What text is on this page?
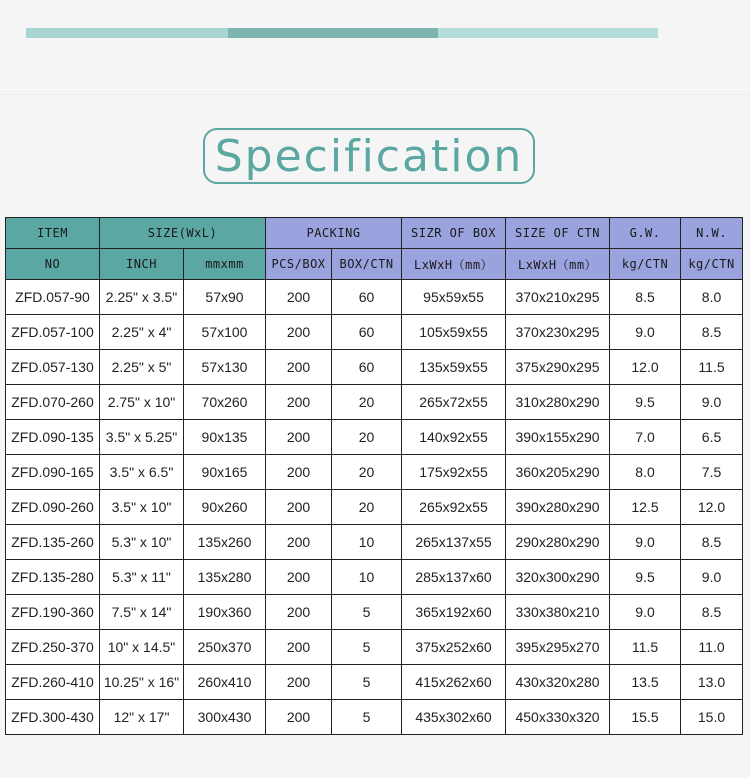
Specification
ITEM	SIZE(WxL)		PACKING		SIZR OF BOX	SIZE OF CTN	G.W.	N.W.
NO	INCH	mmxmm	PCS/BOX	BOX/CTN	LxWxH（mm）	LxWxH（mm）	kg/CTN	kg/CTN
ZFD.057-90	2.25" x 3.5"	57x90	200	60	95x59x55	370x210x295	8.5	8.0
ZFD.057-100	2.25" x 4"	57x100	200	60	105x59x55	370x230x295	9.0	8.5
ZFD.057-130	2.25" x 5"	57x130	200	60	135x59x55	375x290x295	12.0	11.5
ZFD.070-260	2.75" x 10"	70x260	200	20	265x72x55	310x280x290	9.5	9.0
ZFD.090-135	3.5" x 5.25"	90x135	200	20	140x92x55	390x155x290	7.0	6.5
ZFD.090-165	3.5" x 6.5"	90x165	200	20	175x92x55	360x205x290	8.0	7.5
ZFD.090-260	3.5" x 10"	90x260	200	20	265x92x55	390x280x290	12.5	12.0
ZFD.135-260	5.3" x 10"	135x260	200	10	265x137x55	290x280x290	9.0	8.5
ZFD.135-280	5.3" x 11"	135x280	200	10	285x137x60	320x300x290	9.5	9.0
ZFD.190-360	7.5" x 14"	190x360	200	5	365x192x60	330x380x210	9.0	8.5
ZFD.250-370	10" x 14.5"	250x370	200	5	375x252x60	395x295x270	11.5	11.0
ZFD.260-410	10.25" x 16"	260x410	200	5	415x262x60	430x320x280	13.5	13.0
ZFD.300-430	12" x 17"	300x430	200	5	435x302x60	450x330x320	15.5	15.0
